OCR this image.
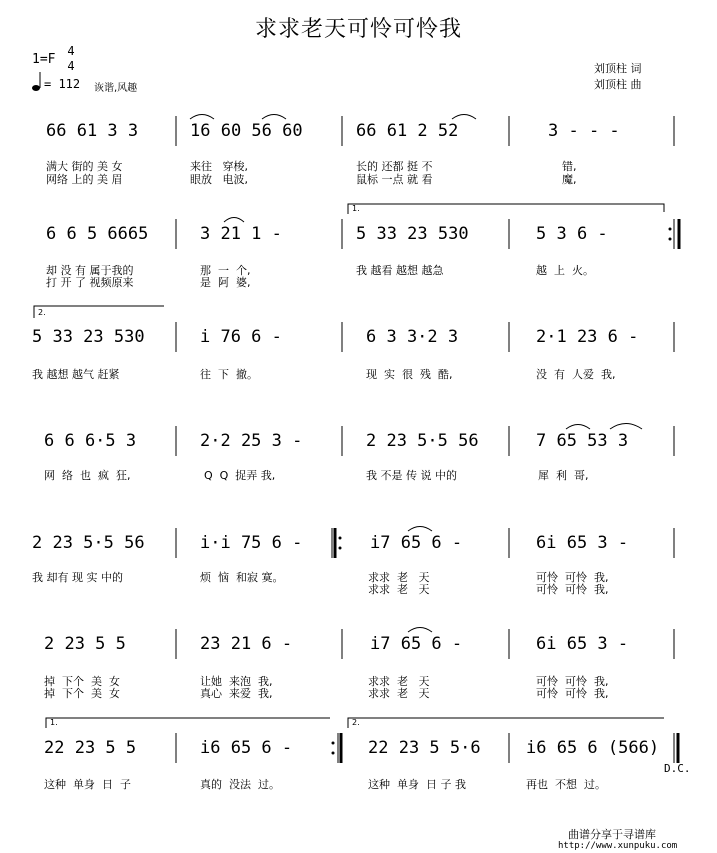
求求老天可怜可怜我
1=F
4
4
= 112 诙谐,风趣
刘顶柱 词
刘顶柱 曲
66 61 3 3	16 60 56 60	66 61 2 52	3 - - -
满大 街的 美 女	来往   穿梭,	长的 还都 挺 不	错,
网络 上的 美 眉	眼放   电波,	鼠标 一点 就 看	魔,
6 6 5 6665	3 21 1 -	5 33 23 530	5 3 6 -
却 没 有 属于我的	那  一  个,	我 越看 越想 越急	越  上  火。
打 开 了 视频原来	是  阿  婆,
1.
5 33 23 530	i 76 6 -	6 3 3·2 3	2·1 23 6 -
我 越想 越气 赶紧	往  下  撤。	现  实  很  残  酷,	没  有  人爱  我,
2.
6 6 6·5 3	2·2 25 3 -	2 23 5·5 56	7 65 53 3
网  络  也  疯  狂,	Q  Q  捉弄 我,	我 不是 传 说 中的	犀  利  哥,
2 23 5·5 56	i·i 75 6 -	i7 65 6 -	6i 65 3 -
我 却有 现 实 中的	烦  恼  和寂 寞。	求求  老   天	可怜  可怜  我,
求求  老   天	可怜  可怜  我,
2 23 5 5	23 21 6 -	i7 65 6 -	6i 65 3 -
掉  下个  美  女	让她  来泡  我,	求求  老   天	可怜  可怜  我,
掉  下个  美  女	真心  来爱  我,	求求  老   天	可怜  可怜  我,
22 23 5 5	i6 65 6 -	22 23 5 5·6	i6 65 6 (566)
这种  单身  日  子	真的  没法  过。	这种  单身  日 子 我	再也  不想  过。
1.	2.
D.C.
曲谱分享于寻谱库
http://www.xunpuku.com
